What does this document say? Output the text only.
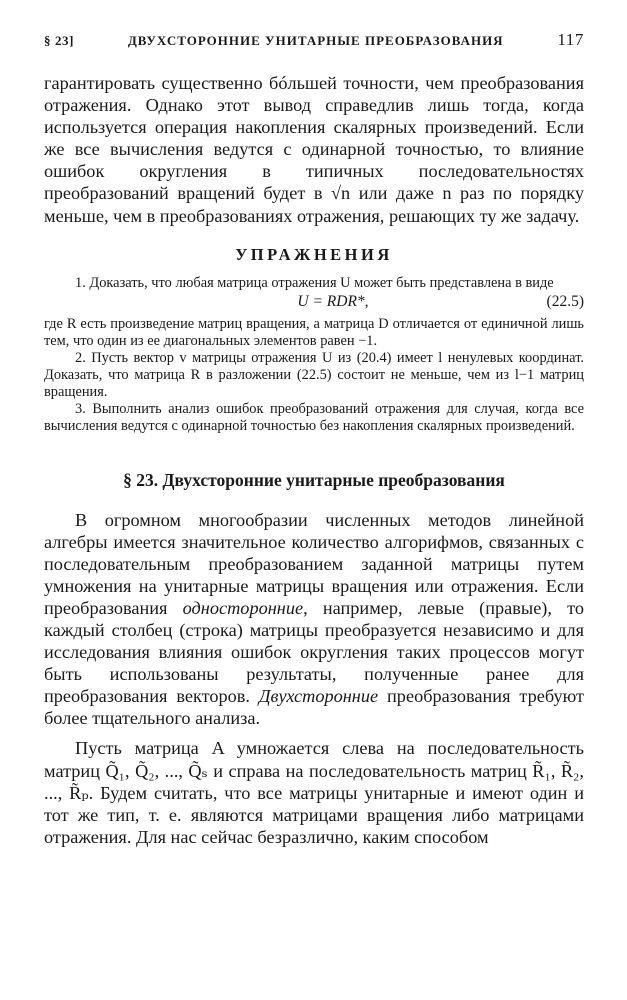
§ 23]	ДВУХСТОРОННИЕ УНИТАРНЫЕ ПРЕОБРАЗОВАНИЯ	117

гарантировать существенно бóльшей точности, чем преобразования отражения. Однако этот вывод справедлив лишь тогда, когда используется операция накопления скалярных произведений. Если же все вычисления ведутся с одинарной точностью, то влияние ошибок округления в типичных последовательностях преобразований вращений будет в √n или даже n раз по порядку меньше, чем в преобразованиях отражения, решающих ту же задачу.

УПРАЖНЕНИЯ

1. Доказать, что любая матрица отражения U может быть представлена в виде

U = RDR*,	(22.5)

где R есть произведение матриц вращения, а матрица D отличается от единичной лишь тем, что один из ее диагональных элементов равен −1.

2. Пусть вектор v матрицы отражения U из (20.4) имеет l ненулевых координат. Доказать, что матрица R в разложении (22.5) состоит не меньше, чем из l−1 матриц вращения.

3. Выполнить анализ ошибок преобразований отражения для случая, когда все вычисления ведутся с одинарной точностью без накопления скалярных произведений.

§ 23. Двухсторонние унитарные преобразования

В огромном многообразии численных методов линейной алгебры имеется значительное количество алгорифмов, связанных с последовательным преобразованием заданной матрицы путем умножения на унитарные матрицы вращения или отражения. Если преобразования односторонние, например, левые (правые), то каждый столбец (строка) матрицы преобразуется независимо и для исследования влияния ошибок округления таких процессов могут быть использованы результаты, полученные ранее для преобразования векторов. Двухсторонние преобразования требуют более тщательного анализа.

Пусть матрица A умножается слева на последовательность матриц Q̃₁, Q̃₂, ..., Q̃ₛ и справа на последовательность матриц R̃₁, R̃₂, ..., R̃ₚ. Будем считать, что все матрицы унитарные и имеют один и тот же тип, т. е. являются матрицами вращения либо матрицами отражения. Для нас сейчас безразлично, каким способом
